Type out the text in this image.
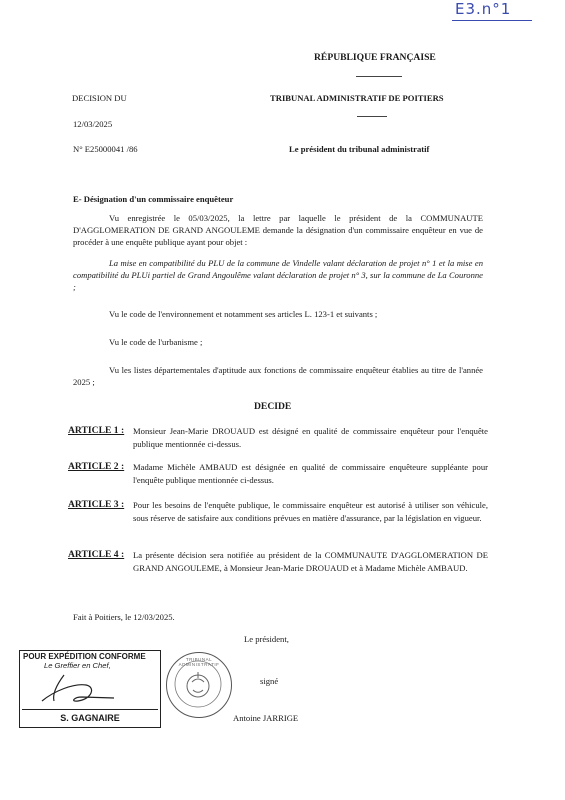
E3.n°1
RÉPUBLIQUE FRANÇAISE
DECISION DU	TRIBUNAL ADMINISTRATIF DE POITIERS
12/03/2025
N° E25000041 /86	Le président du tribunal administratif
E- Désignation d'un commissaire enquêteur
Vu enregistrée le 05/03/2025, la lettre par laquelle le président de la COMMUNAUTE D'AGGLOMERATION DE GRAND ANGOULEME demande la désignation d'un commissaire enquêteur en vue de procéder à une enquête publique ayant pour objet :
La mise en compatibilité du PLU de la commune de Vindelle valant déclaration de projet n° 1 et la mise en compatibilité du PLUi partiel de Grand Angoulême valant déclaration de projet n° 3, sur la commune de La Couronne ;
Vu le code de l'environnement et notamment ses articles L. 123-1 et suivants ;
Vu le code de l'urbanisme ;
Vu les listes départementales d'aptitude aux fonctions de commissaire enquêteur établies au titre de l'année 2025 ;
DECIDE
ARTICLE 1 :	Monsieur Jean-Marie DROUAUD est désigné en qualité de commissaire enquêteur pour l'enquête publique mentionnée ci-dessus.
ARTICLE 2 :	Madame Michèle AMBAUD est désignée en qualité de commissaire enquêteure suppléante pour l'enquête publique mentionnée ci-dessus.
ARTICLE 3 :	Pour les besoins de l'enquête publique, le commissaire enquêteur est autorisé à utiliser son véhicule, sous réserve de satisfaire aux conditions prévues en matière d'assurance, par la législation en vigueur.
ARTICLE 4 :	La présente décision sera notifiée au président de la COMMUNAUTE D'AGGLOMERATION DE GRAND ANGOULEME, à Monsieur Jean-Marie DROUAUD et à Madame Michèle AMBAUD.
Fait à Poitiers, le 12/03/2025.
Le président,
signé
Antoine JARRIGE
POUR EXPÉDITION CONFORME
Le Greffier en Chef,
S. GAGNAIRE
TRIBUNAL ADMINISTRATIF
